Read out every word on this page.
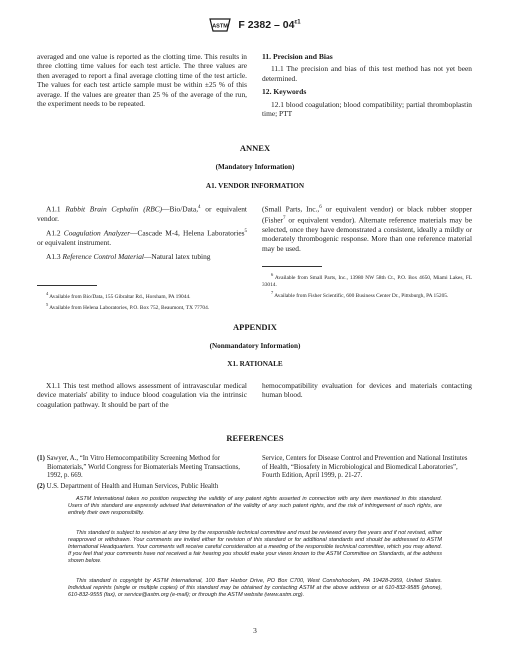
ASTM F $2382 - 04^{\varepsilon 1}$

averaged and one value is reported as the clotting time. This results in three clotting time values for each test article. The three values are then averaged to report a final average clotting time of the test article. The values for each test article sample must be within ±25 % of this average. If the values are greater than 25 % of the average of the run, the experiment needs to be repeated.

11. Precision and Bias

11.1 The precision and bias of this test method has not yet been determined.

12. Keywords

12.1 blood coagulation; blood compatibility; partial thromboplastin time; PTT

ANNEX
(Mandatory Information)
A1. VENDOR INFORMATION

A1.1 Rabbit Brain Cephalin (RBC)—Bio/Data,$^4$ or equivalent vendor.

A1.2 Coagulation Analyzer—Cascade M-4, Helena Laboratories$^5$ or equivalent instrument.

A1.3 Reference Control Material—Natural latex tubing

(Small Parts, Inc.,$^6$ or equivalent vendor) or black rubber stopper (Fisher$^7$ or equivalent vendor). Alternate reference materials may be selected, once they have demonstrated a consistent, ideally a mildly or moderately thrombogenic response. More than one reference material may be used.

$^4$ Available from Bio/Data, 155 Gibraltar Rd., Horsham, PA 19044.

$^5$ Available from Helena Laboratories, P.O. Box 752, Beaumont, TX 77704.

$^6$ Available from Small Parts, Inc., 13980 NW 58th Ct., P.O. Box 4650, Miami Lakes, FL 33014.

$^7$ Available from Fisher Scientific, 600 Business Center Dr., Pittsburgh, PA 15205.

APPENDIX
(Nonmandatory Information)
X1. RATIONALE

X1.1 This test method allows assessment of intravascular medical device materials' ability to induce blood coagulation via the intrinsic coagulation pathway. It should be part of the

hemocompatibility evaluation for devices and materials contacting human blood.

REFERENCES

(1) Sawyer, A., “In Vitro Hemocompatibility Screening Method for Biomaterials,” World Congress for Biomaterials Meeting Transactions, 1992, p. 669.

(2) U.S. Department of Health and Human Services, Public Health

Service, Centers for Disease Control and Prevention and National Institutes of Health, “Biosafety in Microbiological and Biomedical Laboratories”, Fourth Edition, April 1999, p. 21-27.

ASTM International takes no position respecting the validity of any patent rights asserted in connection with any item mentioned in this standard. Users of this standard are expressly advised that determination of the validity of any such patent rights, and the risk of infringement of such rights, are entirely their own responsibility.
This standard is subject to revision at any time by the responsible technical committee and must be reviewed every five years and if not revised, either reapproved or withdrawn. Your comments are invited either for revision of this standard or for additional standards and should be addressed to ASTM International Headquarters. Your comments will receive careful consideration at a meeting of the responsible technical committee, which you may attend. If you feel that your comments have not received a fair hearing you should make your views known to the ASTM Committee on Standards, at the address shown below.
This standard is copyright by ASTM International, 100 Barr Harbor Drive, PO Box C700, West Conshohocken, PA 19428-2959, United States. Individual reprints (single or multiple copies) of this standard may be obtained by contacting ASTM at the above address or at 610-832-9585 (phone), 610-832-9555 (fax), or service@astm.org (e-mail); or through the ASTM website (www.astm.org).
3
